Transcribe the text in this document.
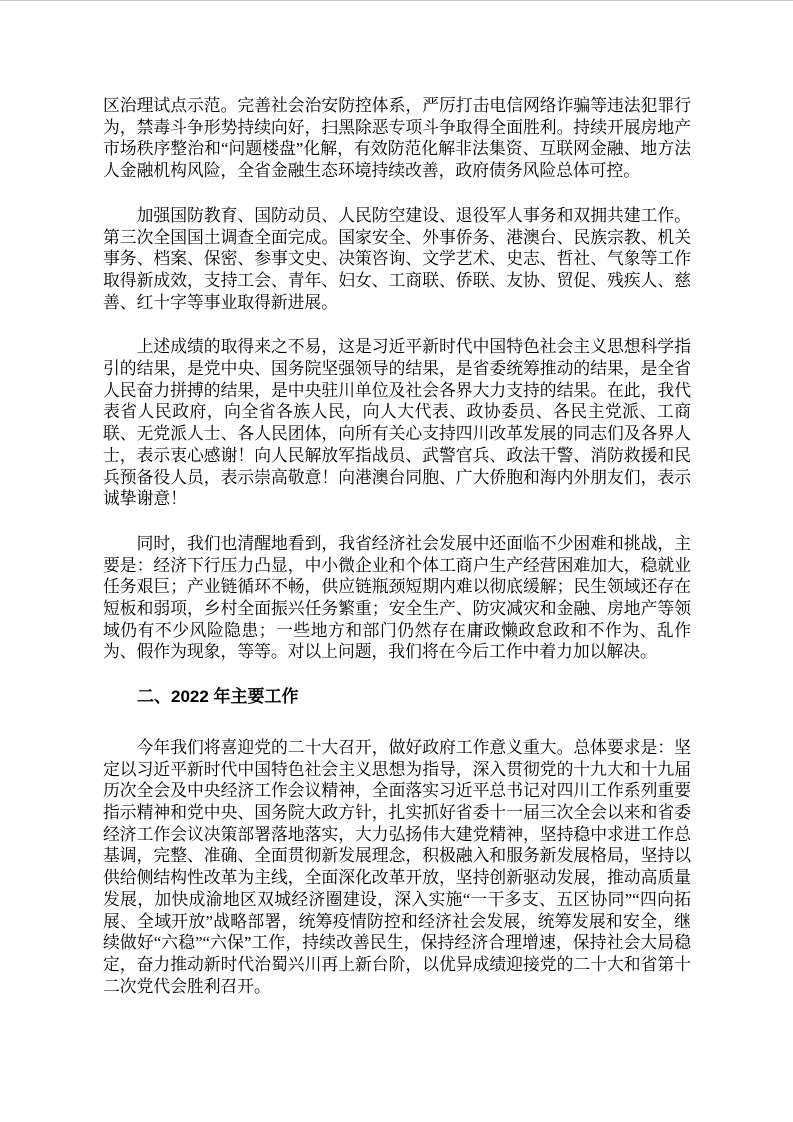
区治理试点示范。完善社会治安防控体系，严厉打击电信网络诈骗等违法犯罪行为，禁毒斗争形势持续向好，扫黑除恶专项斗争取得全面胜利。持续开展房地产市场秩序整治和“问题楼盘”化解，有效防范化解非法集资、互联网金融、地方法人金融机构风险，全省金融生态环境持续改善，政府债务风险总体可控。

加强国防教育、国防动员、人民防空建设、退役军人事务和双拥共建工作。第三次全国国土调查全面完成。国家安全、外事侨务、港澳台、民族宗教、机关事务、档案、保密、参事文史、决策咨询、文学艺术、史志、哲社、气象等工作取得新成效，支持工会、青年、妇女、工商联、侨联、友协、贸促、残疾人、慈善、红十字等事业取得新进展。

上述成绩的取得来之不易，这是习近平新时代中国特色社会主义思想科学指引的结果，是党中央、国务院坚强领导的结果，是省委统筹推动的结果，是全省人民奋力拼搏的结果，是中央驻川单位及社会各界大力支持的结果。在此，我代表省人民政府，向全省各族人民，向人大代表、政协委员、各民主党派、工商联、无党派人士、各人民团体，向所有关心支持四川改革发展的同志们及各界人士，表示衷心感谢！向人民解放军指战员、武警官兵、政法干警、消防救援和民兵预备役人员，表示崇高敬意！向港澳台同胞、广大侨胞和海内外朋友们，表示诚挚谢意！

同时，我们也清醒地看到，我省经济社会发展中还面临不少困难和挑战，主要是：经济下行压力凸显，中小微企业和个体工商户生产经营困难加大，稳就业任务艰巨；产业链循环不畅，供应链瓶颈短期内难以彻底缓解；民生领域还存在短板和弱项，乡村全面振兴任务繁重；安全生产、防灾减灾和金融、房地产等领域仍有不少风险隐患；一些地方和部门仍然存在庸政懒政怠政和不作为、乱作为、假作为现象，等等。对以上问题，我们将在今后工作中着力加以解决。

二、2022 年主要工作

今年我们将喜迎党的二十大召开，做好政府工作意义重大。总体要求是：坚定以习近平新时代中国特色社会主义思想为指导，深入贯彻党的十九大和十九届历次全会及中央经济工作会议精神，全面落实习近平总书记对四川工作系列重要指示精神和党中央、国务院大政方针，扎实抓好省委十一届三次全会以来和省委经济工作会议决策部署落地落实，大力弘扬伟大建党精神，坚持稳中求进工作总基调，完整、准确、全面贯彻新发展理念，积极融入和服务新发展格局，坚持以供给侧结构性改革为主线，全面深化改革开放，坚持创新驱动发展，推动高质量发展，加快成渝地区双城经济圈建设，深入实施“一干多支、五区协同”“四向拓展、全域开放”战略部署，统筹疫情防控和经济社会发展，统筹发展和安全，继续做好“六稳”“六保”工作，持续改善民生，保持经济合理增速，保持社会大局稳定，奋力推动新时代治蜀兴川再上新台阶，以优异成绩迎接党的二十大和省第十二次党代会胜利召开。
